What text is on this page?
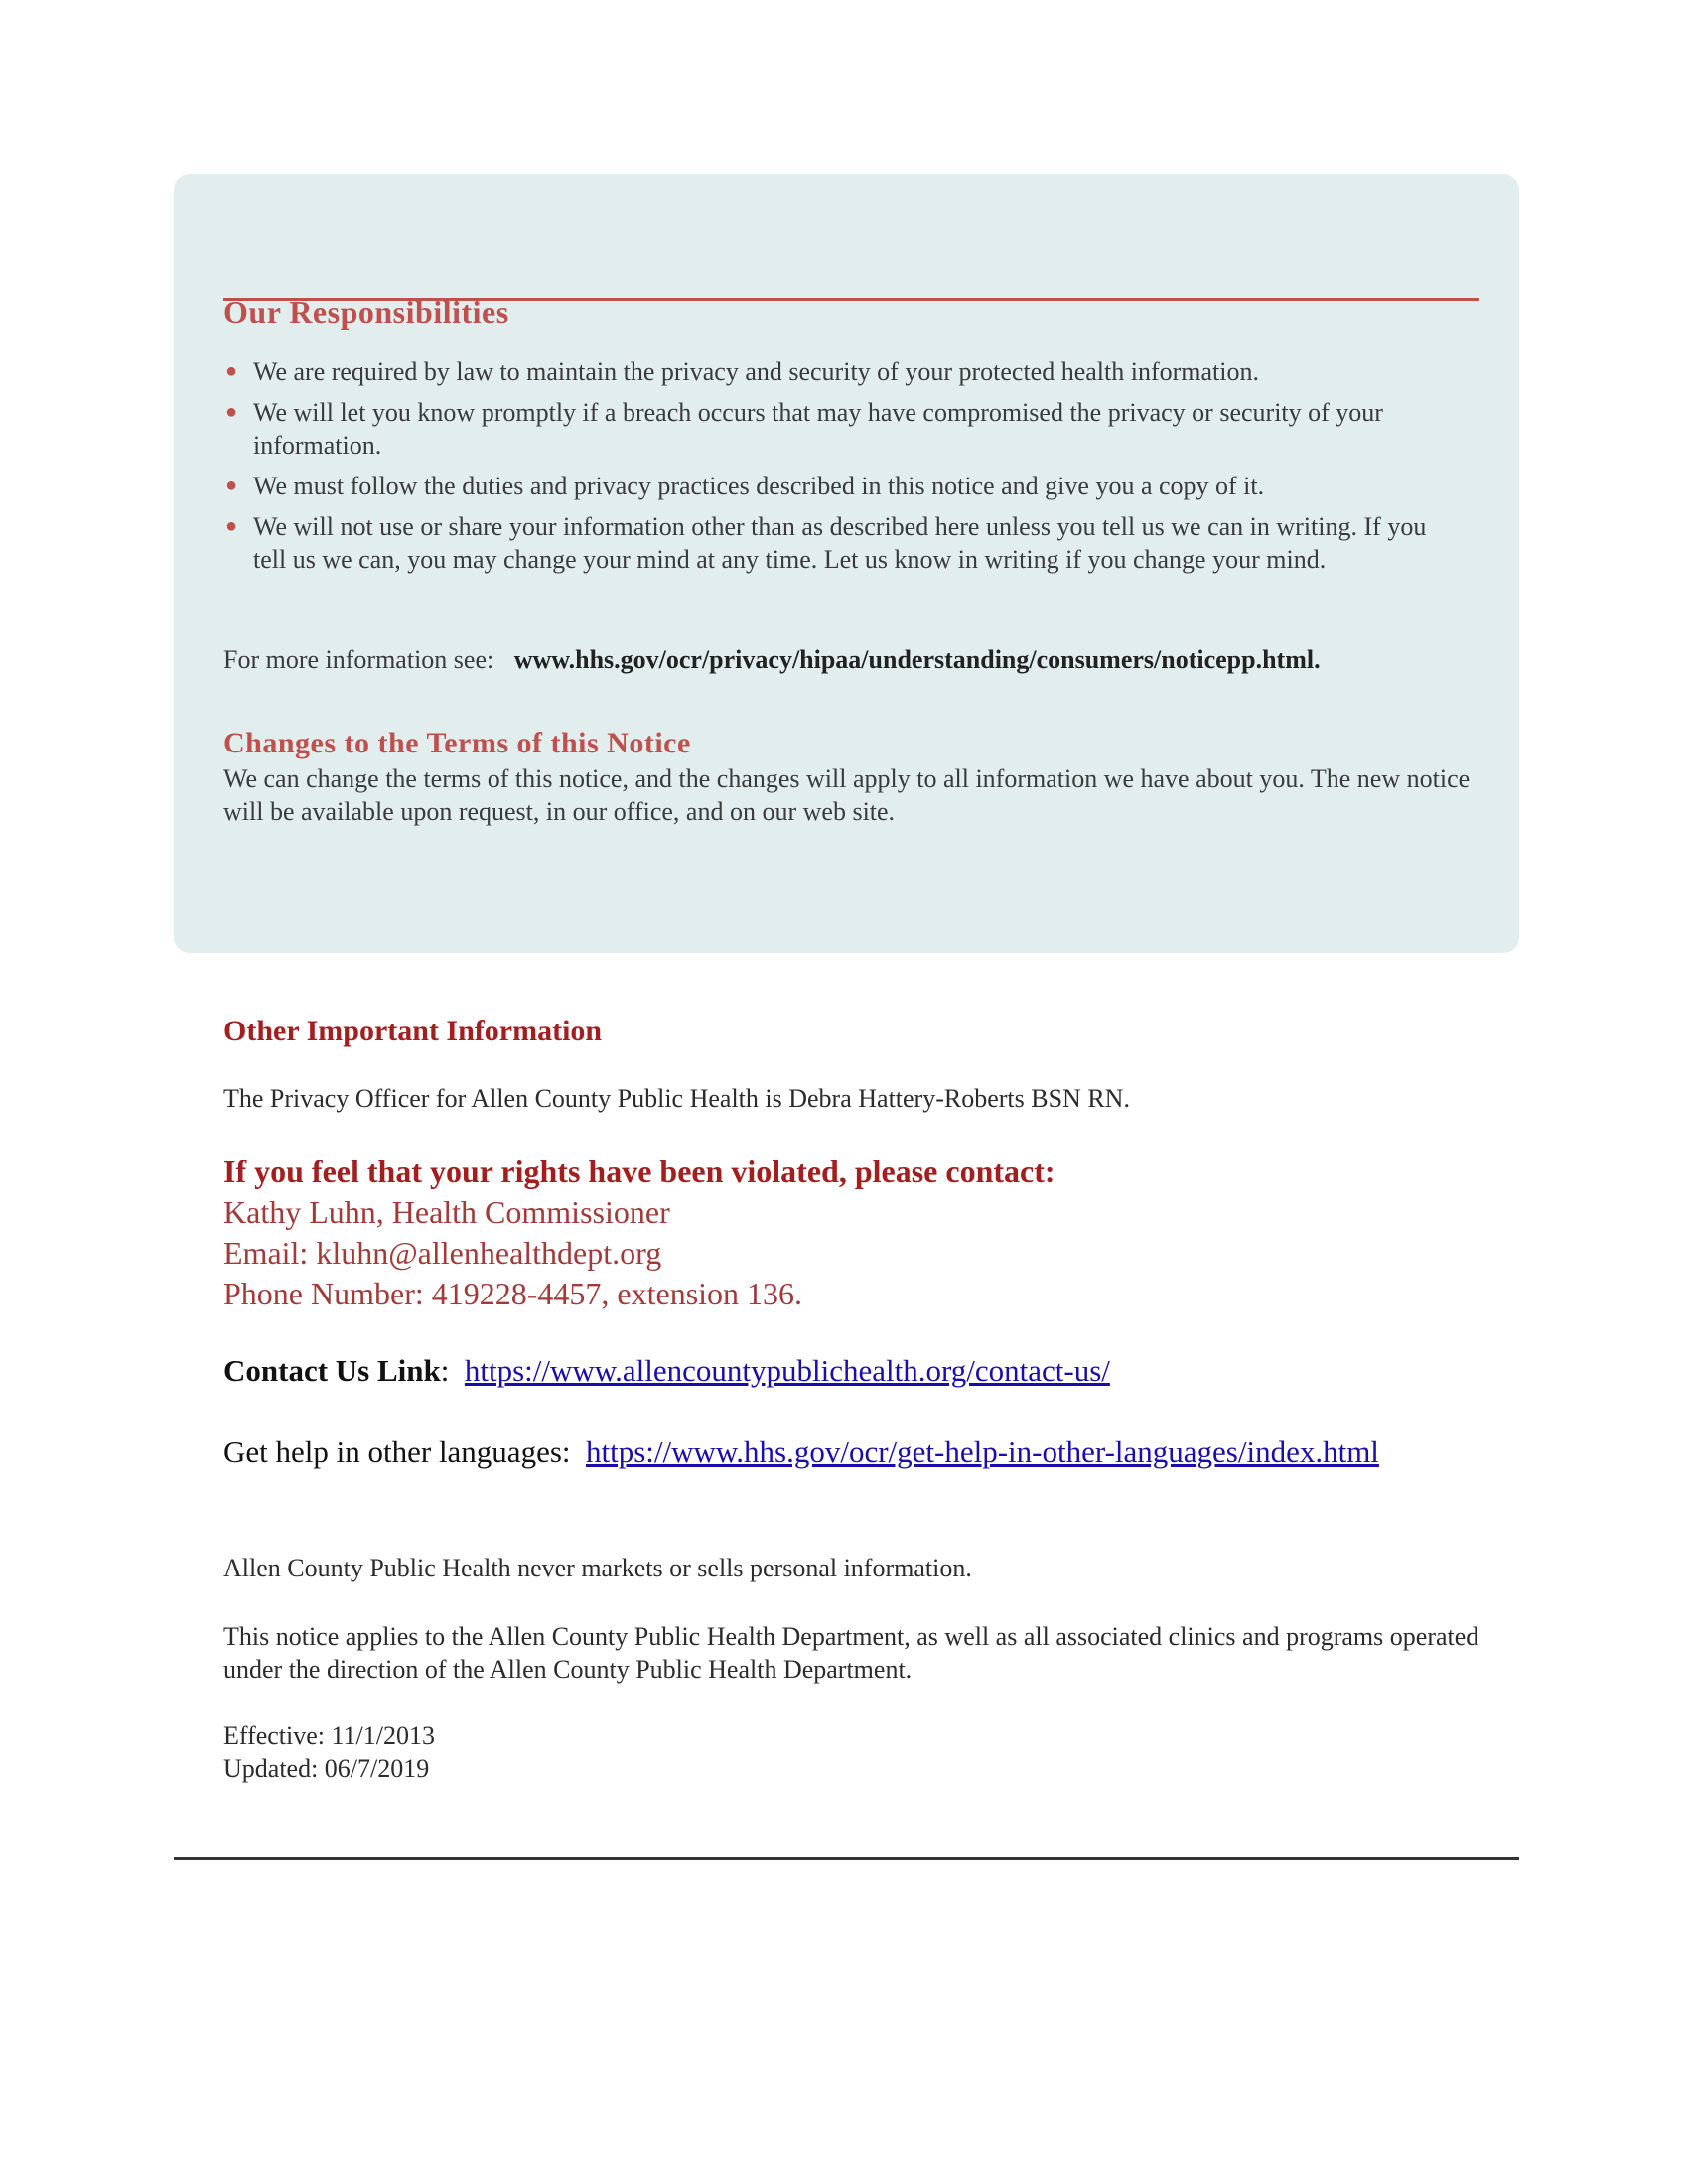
Our Responsibilities
● We are required by law to maintain the privacy and security of your protected health information.
● We will let you know promptly if a breach occurs that may have compromised the privacy or security of your information.
● We must follow the duties and privacy practices described in this notice and give you a copy of it.
● We will not use or share your information other than as described here unless you tell us we can in writing. If you tell us we can, you may change your mind at any time. Let us know in writing if you change your mind.
For more information see: www.hhs.gov/ocr/privacy/hipaa/understanding/consumers/noticepp.html.
Changes to the Terms of this Notice
We can change the terms of this notice, and the changes will apply to all information we have about you. The new notice will be available upon request, in our office, and on our web site.
Other Important Information
The Privacy Officer for Allen County Public Health is Debra Hattery-Roberts BSN RN.
If you feel that your rights have been violated, please contact:
Kathy Luhn, Health Commissioner
Email: kluhn@allenhealthdept.org
Phone Number: 419228-4457, extension 136.
Contact Us Link: https://www.allencountypublichealth.org/contact-us/
Get help in other languages: https://www.hhs.gov/ocr/get-help-in-other-languages/index.html
Allen County Public Health never markets or sells personal information.
This notice applies to the Allen County Public Health Department, as well as all associated clinics and programs operated under the direction of the Allen County Public Health Department.
Effective: 11/1/2013
Updated: 06/7/2019
